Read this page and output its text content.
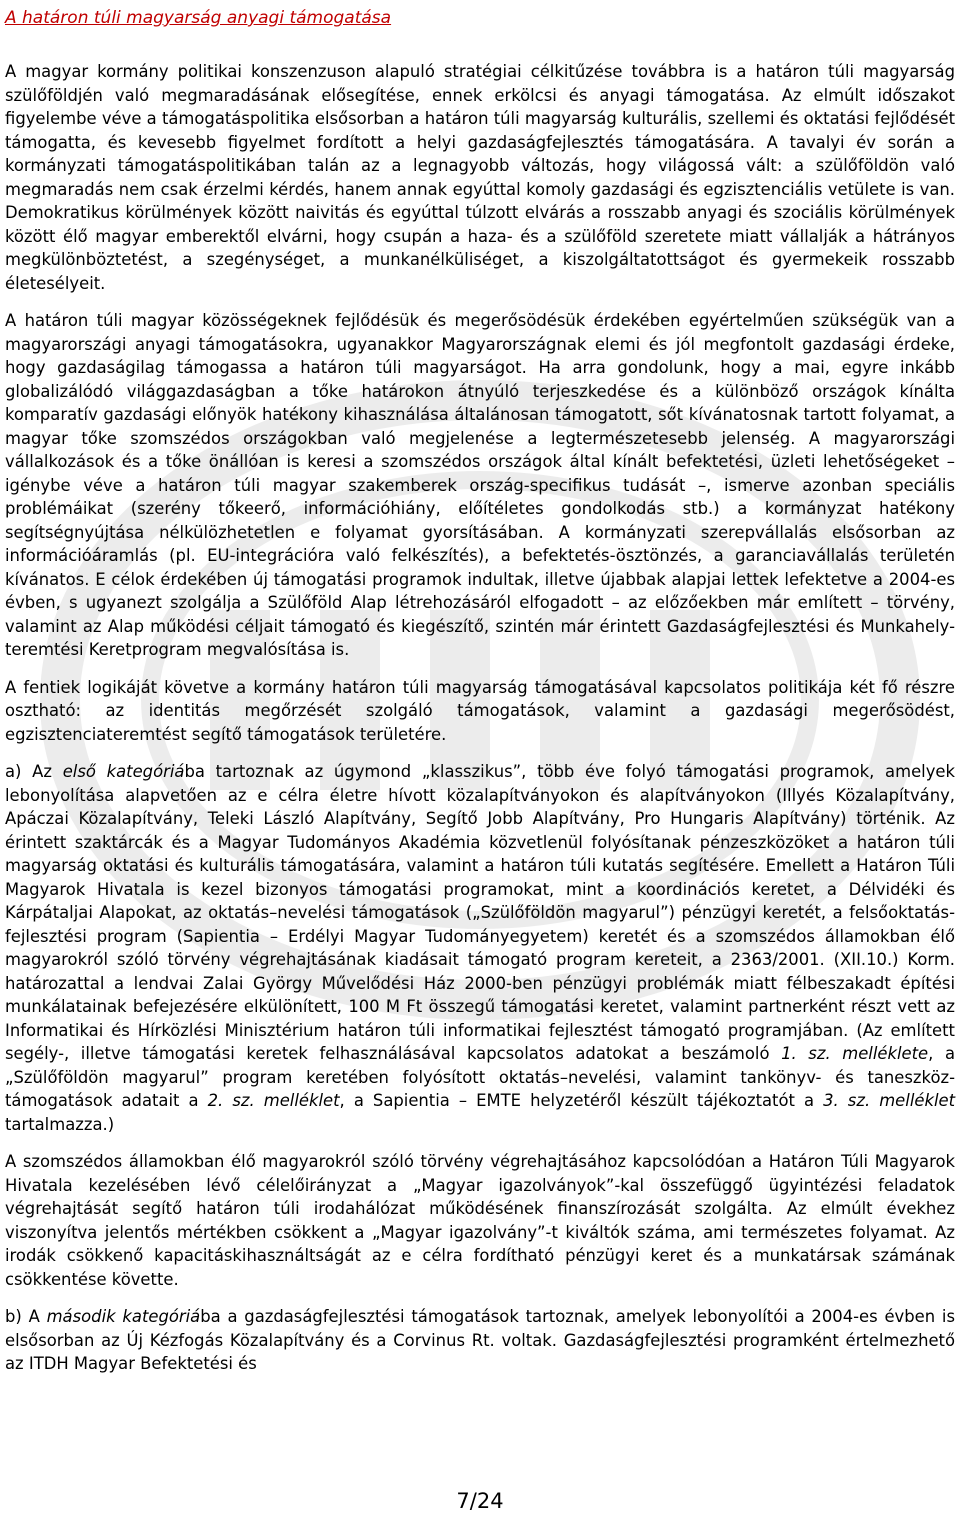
A határon túli magyarság anyagi támogatása

A magyar kormány politikai konszenzuson alapuló stratégiai célkitűzése továbbra is a határon túli magyarság szülőföldjén való megmaradásának elősegítése, ennek erkölcsi és anyagi támogatása. Az elmúlt időszakot figyelembe véve a támogatáspolitika elsősorban a határon túli magyarság kulturális, szellemi és oktatási fejlődését támogatta, és kevesebb figyelmet fordított a helyi gazdaságfejlesztés támogatására. A tavalyi év során a kormányzati támogatáspolitikában talán az a legnagyobb változás, hogy világossá vált: a szülőföldön való megmaradás nem csak érzelmi kérdés, hanem annak egyúttal komoly gazdasági és egzisztenciális vetülete is van. Demokratikus körülmények között naivitás és egyúttal túlzott elvárás a rosszabb anyagi és szociális körülmények között élő magyar emberektől elvárni, hogy csupán a haza- és a szülőföld szeretete miatt vállalják a hátrányos megkülönböztetést, a szegénységet, a munkanélküliséget, a kiszolgáltatottságot és gyermekeik rosszabb életesélyeit.

A határon túli magyar közösségeknek fejlődésük és megerősödésük érdekében egyértelműen szükségük van a magyarországi anyagi támogatásokra, ugyanakkor Magyarországnak elemi és jól megfontolt gazdasági érdeke, hogy gazdaságilag támogassa a határon túli magyarságot. Ha arra gondolunk, hogy a mai, egyre inkább globalizálódó világgazdaságban a tőke határokon átnyúló terjeszkedése és a különböző országok kínálta komparatív gazdasági előnyök hatékony kihasználása általánosan támogatott, sőt kívánatosnak tartott folyamat, a magyar tőke szomszédos országokban való megjelenése a legtermészetesebb jelenség. A magyarországi vállalkozások és a tőke önállóan is keresi a szomszédos országok által kínált befektetési, üzleti lehetőségeket – igénybe véve a határon túli magyar szakemberek ország-specifikus tudását –, ismerve azonban speciális problémáikat (szerény tőkeerő, információhiány, előítéletes gondolkodás stb.) a kormányzat hatékony segítségnyújtása nélkülözhetetlen e folyamat gyorsításában. A kormányzati szerepvállalás elsősorban az információáramlás (pl. EU-integrációra való felkészítés), a befektetés-ösztönzés, a garanciavállalás területén kívánatos. E célok érdekében új támogatási programok indultak, illetve újabbak alapjai lettek lefektetve a 2004-es évben, s ugyanezt szolgálja a Szülőföld Alap létrehozásáról elfogadott – az előzőekben már említett – törvény, valamint az Alap működési céljait támogató és kiegészítő, szintén már érintett Gazdaságfejlesztési és Munkahely-teremtési Keretprogram megvalósítása is.

A fentiek logikáját követve a kormány határon túli magyarság támogatásával kapcsolatos politikája két fő részre osztható: az identitás megőrzését szolgáló támogatások, valamint a gazdasági megerősödést, egzisztenciateremtést segítő támogatások területére.

a) Az első kategóriába tartoznak az úgymond „klasszikus”, több éve folyó támogatási programok, amelyek lebonyolítása alapvetően az e célra életre hívott közalapítványokon és alapítványokon (Illyés Közalapítvány, Apáczai Közalapítvány, Teleki László Alapítvány, Segítő Jobb Alapítvány, Pro Hungaris Alapítvány) történik. Az érintett szaktárcák és a Magyar Tudományos Akadémia közvetlenül folyósítanak pénzeszközöket a határon túli magyarság oktatási és kulturális támogatására, valamint a határon túli kutatás segítésére. Emellett a Határon Túli Magyarok Hivatala is kezel bizonyos támogatási programokat, mint a koordinációs keretet, a Délvidéki és Kárpátaljai Alapokat, az oktatás–nevelési támogatások („Szülőföldön magyarul”) pénzügyi keretét, a felsőoktatás-fejlesztési program (Sapientia – Erdélyi Magyar Tudományegyetem) keretét és a szomszédos államokban élő magyarokról szóló törvény végrehajtásának kiadásait támogató program kereteit, a 2363/2001. (XII.10.) Korm. határozattal a lendvai Zalai György Művelődési Ház 2000-ben pénzügyi problémák miatt félbeszakadt építési munkálatainak befejezésére elkülönített, 100 M Ft összegű támogatási keretet, valamint partnerként részt vett az Informatikai és Hírközlési Minisztérium határon túli informatikai fejlesztést támogató programjában. (Az említett segély-, illetve támogatási keretek felhasználásával kapcsolatos adatokat a beszámoló 1. sz. melléklete, a „Szülőföldön magyarul” program keretében folyósított oktatás–nevelési, valamint tankönyv- és taneszköz-támogatások adatait a 2. sz. melléklet, a Sapientia – EMTE helyzetéről készült tájékoztatót a 3. sz. melléklet tartalmazza.)

A szomszédos államokban élő magyarokról szóló törvény végrehajtásához kapcsolódóan a Határon Túli Magyarok Hivatala kezelésében lévő célelőirányzat a „Magyar igazolványok”-kal összefüggő ügyintézési feladatok végrehajtását segítő határon túli irodahálózat működésének finanszírozását szolgálta. Az elmúlt évekhez viszonyítva jelentős mértékben csökkent a „Magyar igazolvány”-t kiváltók száma, ami természetes folyamat. Az irodák csökkenő kapacitáskihasználtságát az e célra fordítható pénzügyi keret és a munkatársak számának csökkentése követte.

b) A második kategóriába a gazdaságfejlesztési támogatások tartoznak, amelyek lebonyolítói a 2004-es évben is elsősorban az Új Kézfogás Közalapítvány és a Corvinus Rt. voltak. Gazdaságfejlesztési programként értelmezhető az ITDH Magyar Befektetési és

7/24
